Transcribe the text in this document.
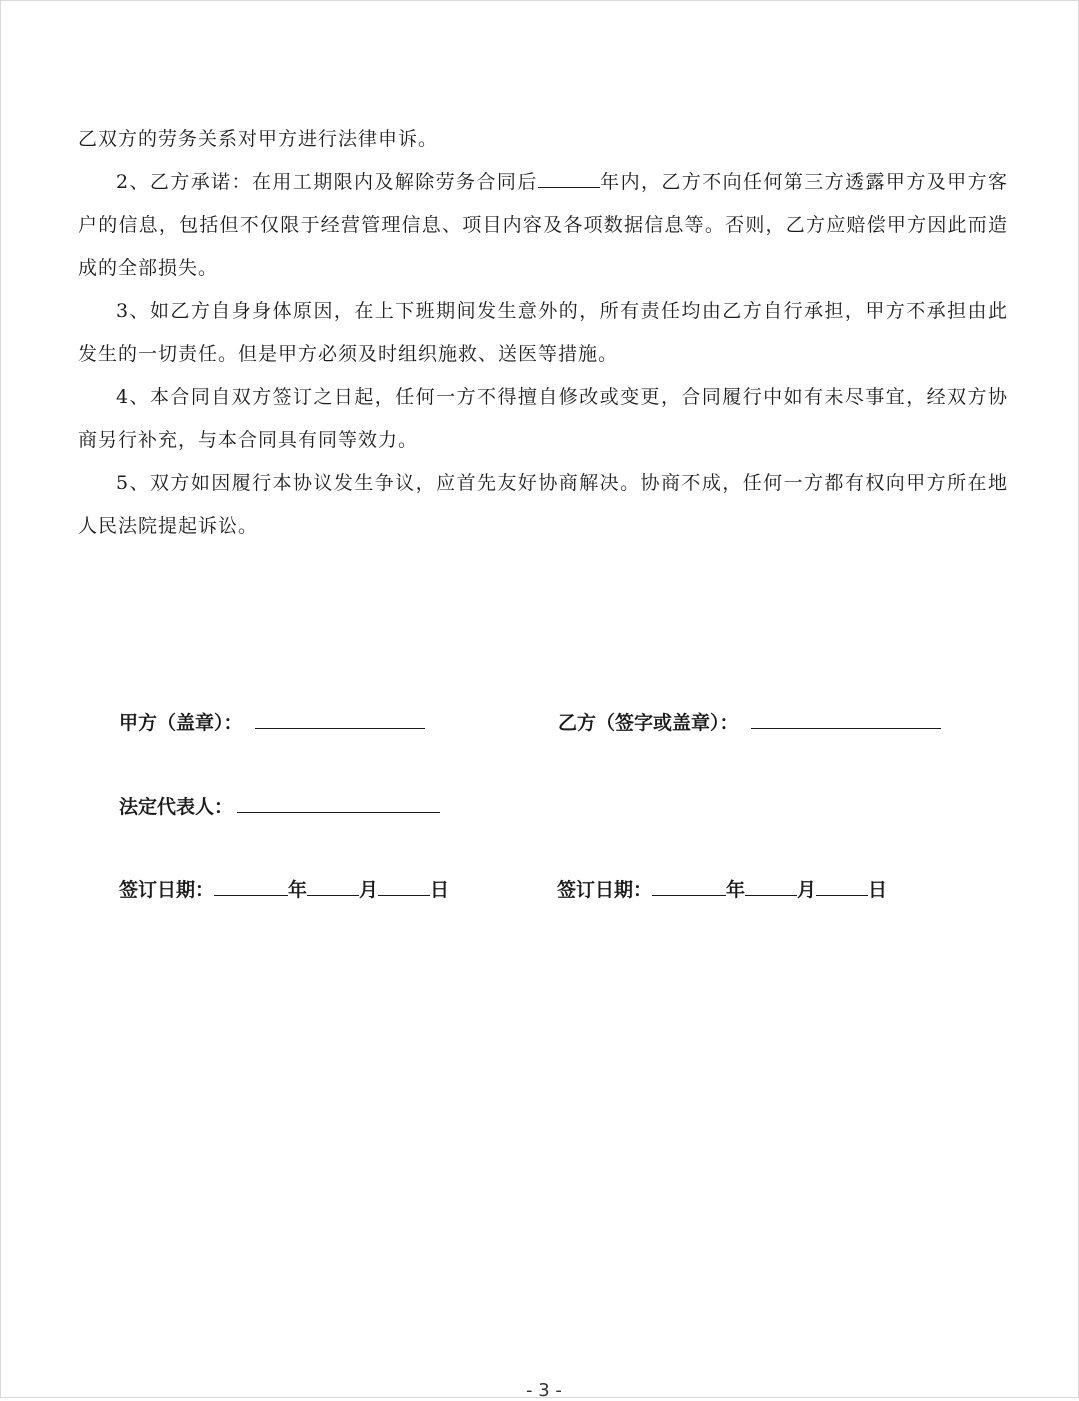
乙双方的劳务关系对甲方进行法律申诉。

2、乙方承诺：在用工期限内及解除劳务合同后	年内，乙方不向任何第三方透露甲方及甲方客户的信息，包括但不仅限于经营管理信息、项目内容及各项数据信息等。否则，乙方应赔偿甲方因此而造成的全部损失。

3、如乙方自身身体原因，在上下班期间发生意外的，所有责任均由乙方自行承担，甲方不承担由此发生的一切责任。但是甲方必须及时组织施救、送医等措施。

4、本合同自双方签订之日起，任何一方不得擅自修改或变更，合同履行中如有未尽事宜，经双方协商另行补充，与本合同具有同等效力。

5、双方如因履行本协议发生争议，应首先友好协商解决。协商不成，任何一方都有权向甲方所在地人民法院提起诉讼。

甲方（盖章）：	乙方（签字或盖章）：
法定代表人：
签订日期：	年	月	日	签订日期：	年	月	日
- 3 -
